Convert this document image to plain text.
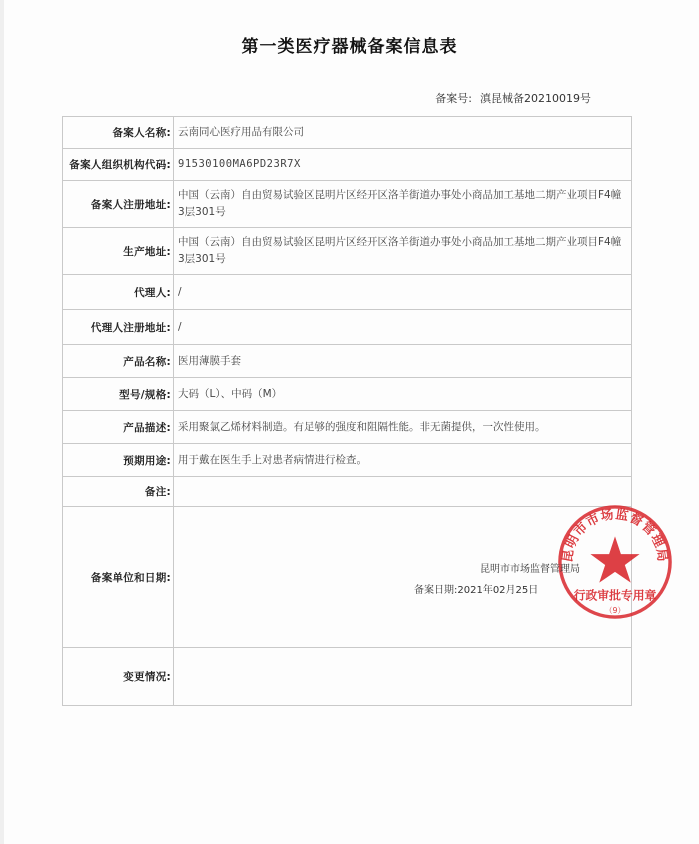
第一类医疗器械备案信息表
备案号: 滇昆械备20210019号
备案人名称:	云南同心医疗用品有限公司
备案人组织机构代码:	91530100MA6PD23R7X
备案人注册地址:	中国（云南）自由贸易试验区昆明片区经开区洛羊街道办事处小商品加工基地二期产业项目F4幢3层301号
生产地址:	中国（云南）自由贸易试验区昆明片区经开区洛羊街道办事处小商品加工基地二期产业项目F4幢3层301号
代理人:	/
代理人注册地址:	/
产品名称:	医用薄膜手套
型号/规格:	大码（L）、中码（M）
产品描述:	采用聚氯乙烯材料制造。有足够的强度和阻隔性能。非无菌提供，一次性使用。
预期用途:	用于戴在医生手上对患者病情进行检查。
备注:	
备案单位和日期:	昆明市市场监督管理局
行政审批专用章
（9）
昆明市市场监督管理局
备案日期:2021年02月25日

变更情况:	
